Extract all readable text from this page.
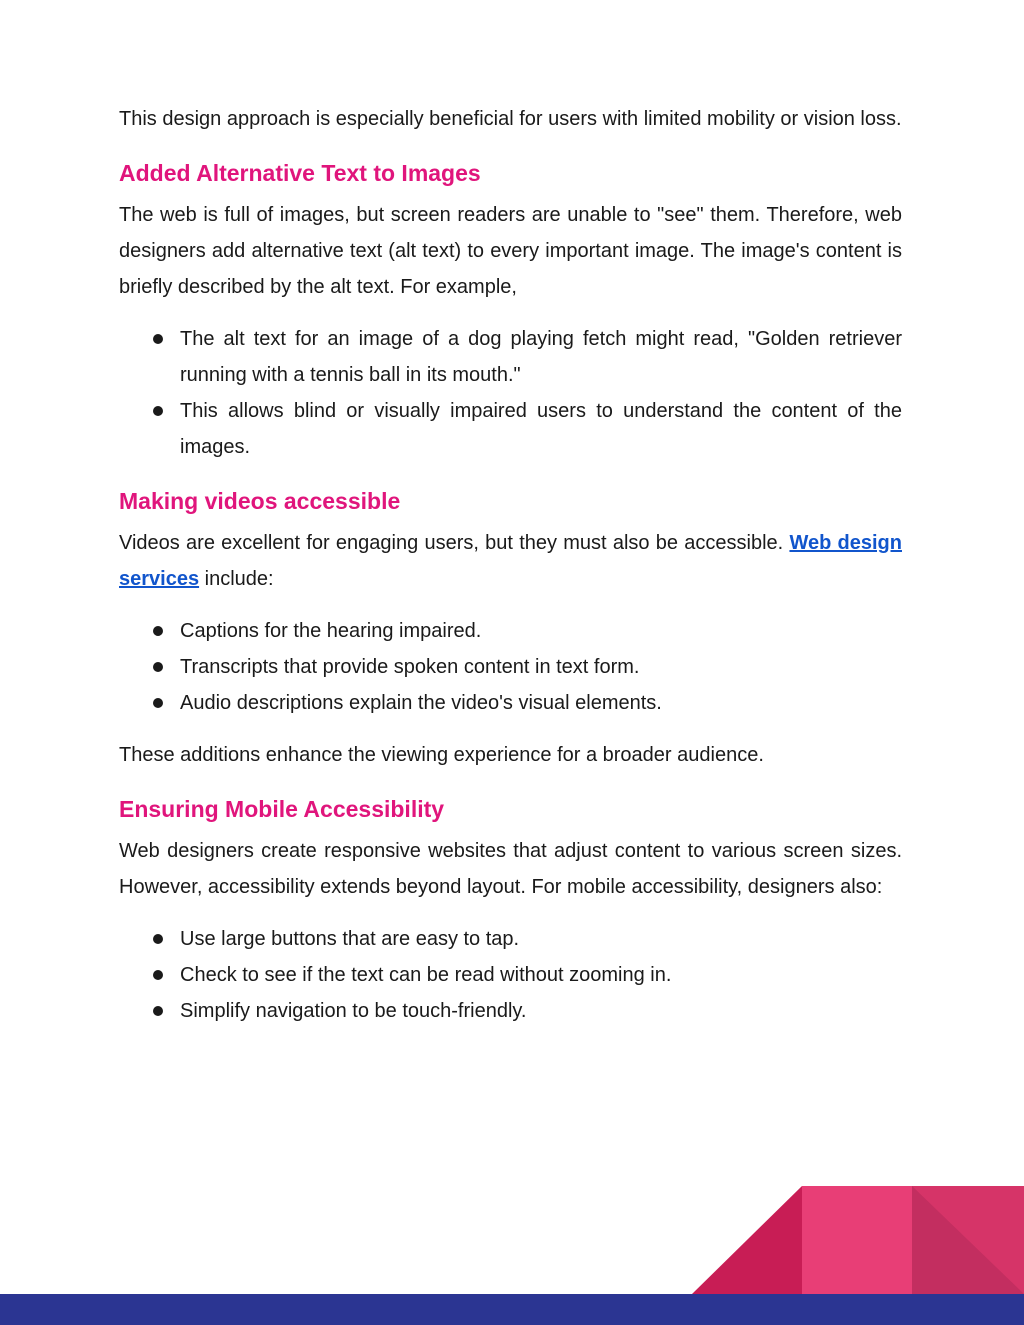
This design approach is especially beneficial for users with limited mobility or vision loss.

Added Alternative Text to Images

The web is full of images, but screen readers are unable to "see" them. Therefore, web designers add alternative text (alt text) to every important image. The image's content is briefly described by the alt text. For example,

The alt text for an image of a dog playing fetch might read, "Golden retriever running with a tennis ball in its mouth."
This allows blind or visually impaired users to understand the content of the images.
Making videos accessible

Videos are excellent for engaging users, but they must also be accessible. Web design services include:

Captions for the hearing impaired.
Transcripts that provide spoken content in text form.
Audio descriptions explain the video's visual elements.

These additions enhance the viewing experience for a broader audience.

Ensuring Mobile Accessibility

Web designers create responsive websites that adjust content to various screen sizes. However, accessibility extends beyond layout. For mobile accessibility, designers also:

Use large buttons that are easy to tap.
Check to see if the text can be read without zooming in.
Simplify navigation to be touch-friendly.
